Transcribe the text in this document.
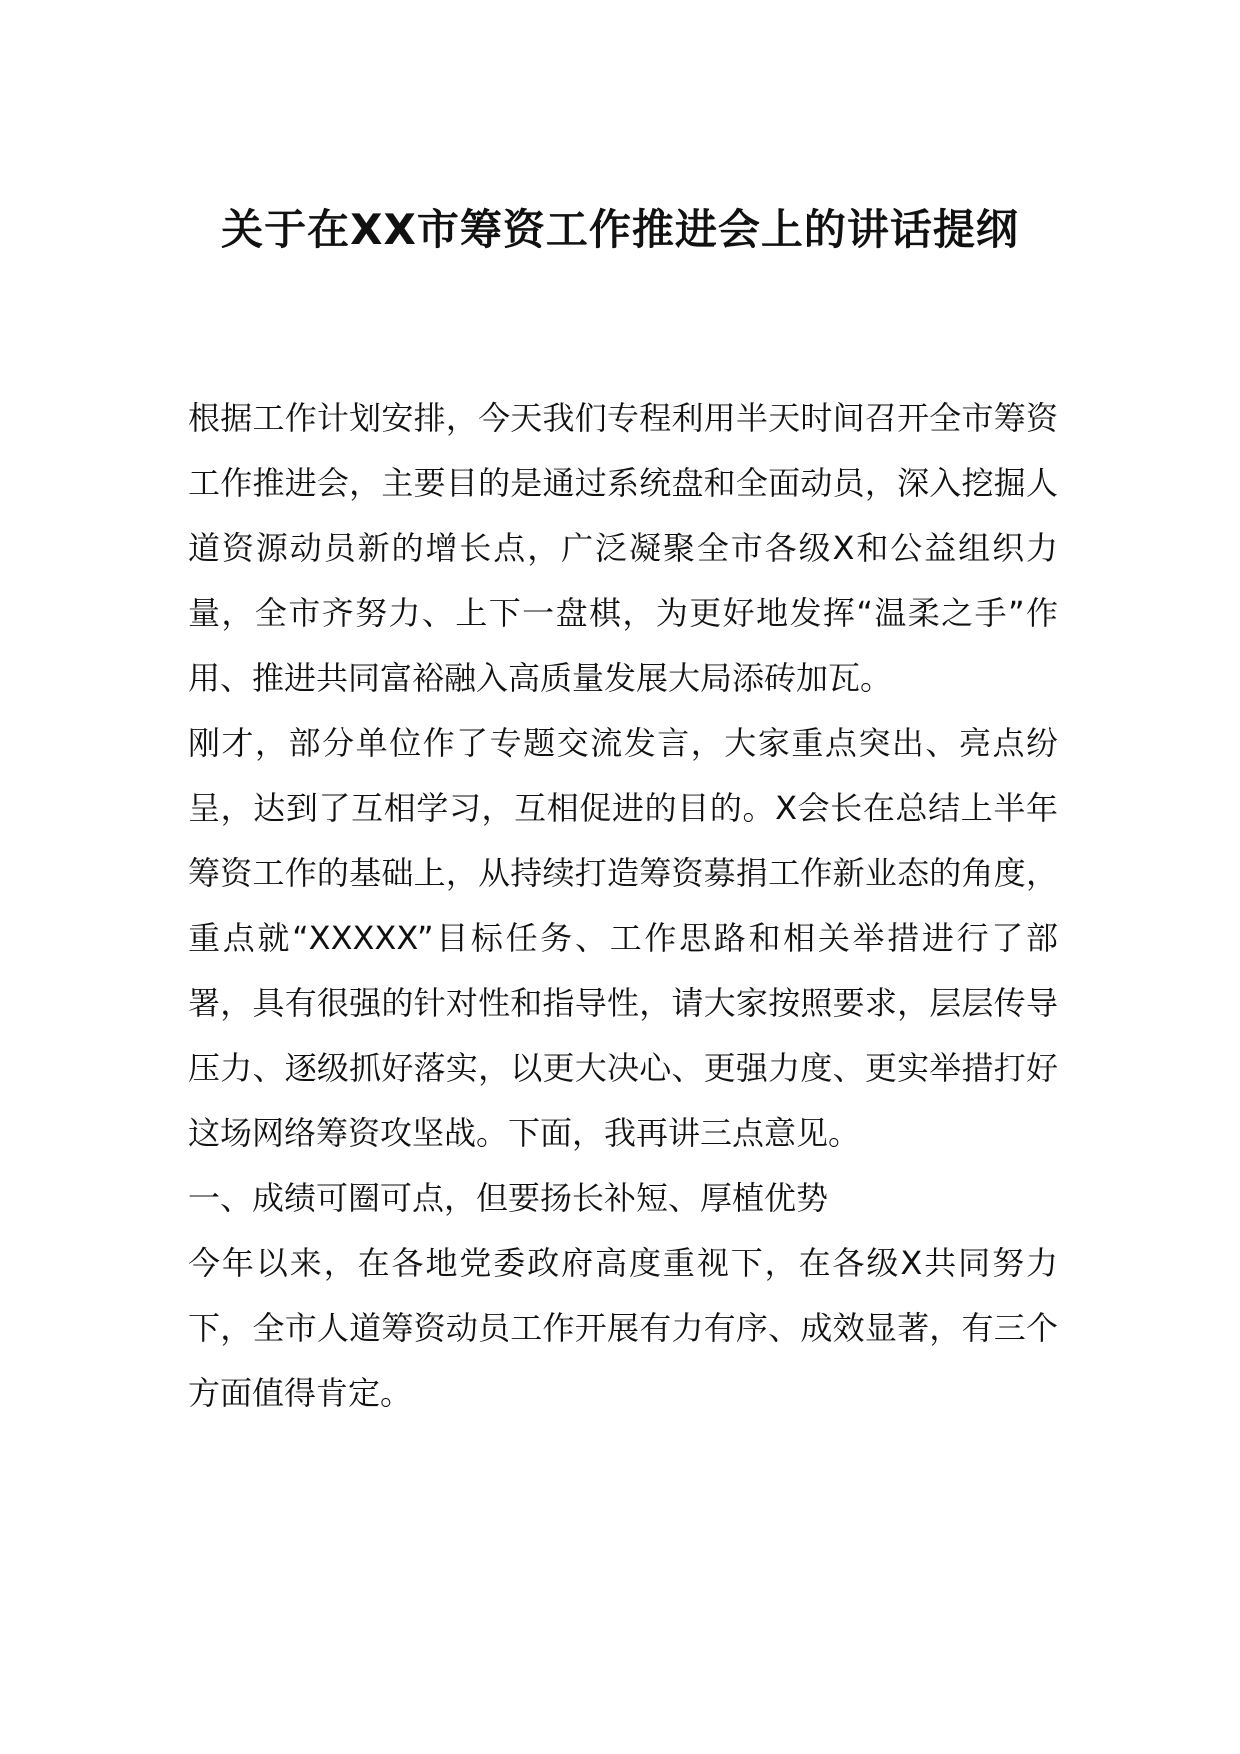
关于在XX市筹资工作推进会上的讲话提纲

根据工作计划安排，今天我们专程利用半天时间召开全市筹资工作推进会，主要目的是通过系统盘和全面动员，深入挖掘人道资源动员新的增长点，广泛凝聚全市各级X和公益组织力量，全市齐努力、上下一盘棋，为更好地发挥“温柔之手”作用、推进共同富裕融入高质量发展大局添砖加瓦。

刚才，部分单位作了专题交流发言，大家重点突出、亮点纷呈，达到了互相学习，互相促进的目的。X会长在总结上半年筹资工作的基础上，从持续打造筹资募捐工作新业态的角度，重点就“XXXXX”目标任务、工作思路和相关举措进行了部署，具有很强的针对性和指导性，请大家按照要求，层层传导压力、逐级抓好落实，以更大决心、更强力度、更实举措打好这场网络筹资攻坚战。下面，我再讲三点意见。

一、成绩可圈可点，但要扬长补短、厚植优势

今年以来，在各地党委政府高度重视下，在各级X共同努力下，全市人道筹资动员工作开展有力有序、成效显著，有三个方面值得肯定。
